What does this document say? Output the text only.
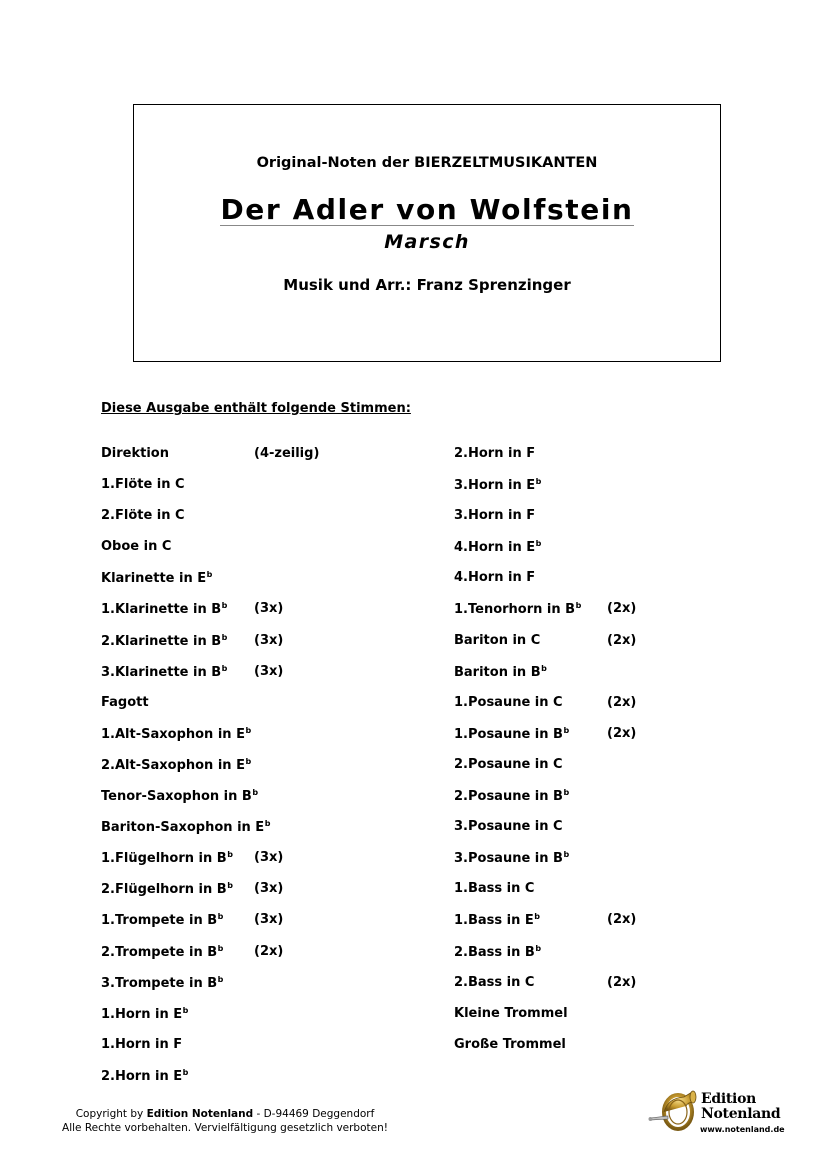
Original-Noten der BIERZELTMUSIKANTEN
Der Adler von Wolfstein
Marsch
Musik und Arr.: Franz Sprenzinger
Diese Ausgabe enthält folgende Stimmen:
Direktion	(4-zeilig)
1.Flöte in C
2.Flöte in C
Oboe in C
Klarinette in $E^b$
1.Klarinette in $B^b$ (3x)
2.Klarinette in $B^b$ (3x)
3.Klarinette in $B^b$ (3x)
Fagott
1.Alt-Saxophon in $E^b$
2.Alt-Saxophon in $E^b$
Tenor-Saxophon in $B^b$
Bariton-Saxophon in $E^b$
1.Flügelhorn in $B^b$ (3x)
2.Flügelhorn in $B^b$ (3x)
1.Trompete in $B^b$ (3x)
2.Trompete in $B^b$ (2x)
3.Trompete in $B^b$
1.Horn in $E^b$
1.Horn in F
2.Horn in $E^b$
2.Horn in F
3.Horn in $E^b$
3.Horn in F
4.Horn in $E^b$
4.Horn in F
1.Tenorhorn in $B^b$ (2x)
Bariton in C	(2x)
Bariton in $B^b$
1.Posaune in C	(2x)
1.Posaune in $B^b$	(2x)
2.Posaune in C
2.Posaune in $B^b$
3.Posaune in C
3.Posaune in $B^b$
1.Bass in C
1.Bass in $E^b$	(2x)
2.Bass in $B^b$
2.Bass in C	(2x)
Kleine Trommel
Große Trommel
Copyright by Edition Notenland - D-94469 Deggendorf
Alle Rechte vorbehalten. Vervielfältigung gesetzlich verboten!
Edition
Notenland
www.notenland.de
